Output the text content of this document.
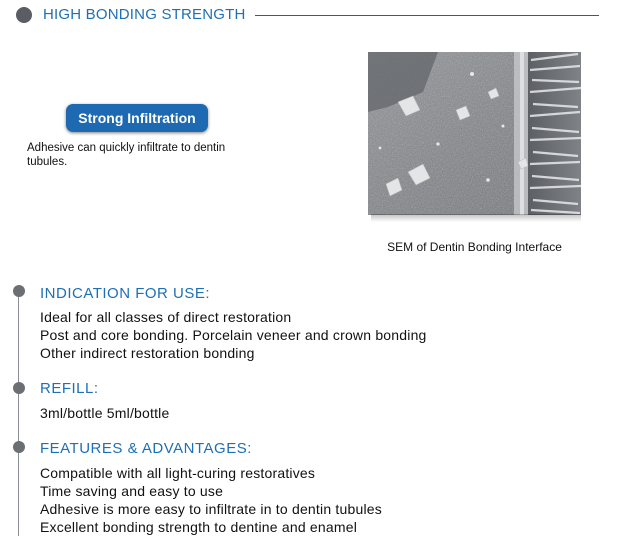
HIGH BONDING STRENGTH
Strong Infiltration
Adhesive can quickly infiltrate to dentin tubules.
SEM of Dentin Bonding Interface
INDICATION FOR USE:
Ideal for all classes of direct restoration
Post and core bonding. Porcelain veneer and crown bonding
Other indirect restoration bonding
REFILL:
3ml/bottle 5ml/bottle
FEATURES & ADVANTAGES:
Compatible with all light-curing restoratives
Time saving and easy to use
Adhesive is more easy to infiltrate in to dentin tubules
Excellent bonding strength to dentine and enamel
